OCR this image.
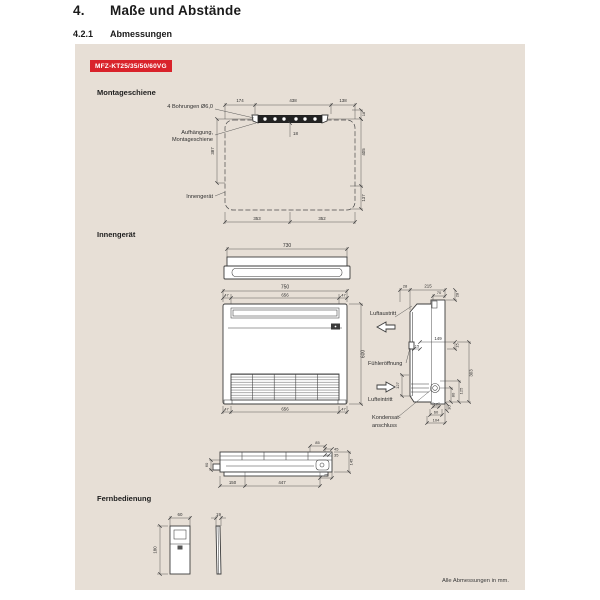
4.	Maße und Abstände
4.2.1	Abmessungen
MFZ-KT25/35/50/60VG
Montageschiene
174	438	138
18
18
387	405
137
353	352
4 Bohrungen Ø6,0
Aufhängung,
Montageschiene
Innengerät
Innengerät
730
750
47	656	47
600
47	656	47
28	215
70	28
149
15
15
303
127
80
125
12
30
60
104
Luftaustritt
Fühleröffnung
Lufteintritt
Kondensat-
anschluss
85
45
35
145
60
75
150	447
Fernbedienung
60
180
19
Alle Abmessungen in mm.
